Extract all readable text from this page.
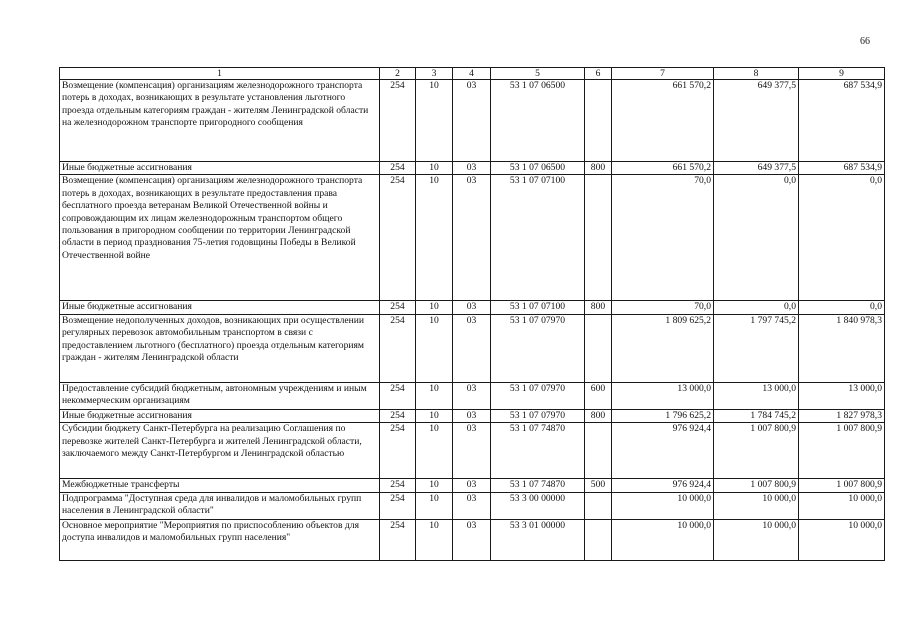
66
1	2	3	4	5	6	7	8	9
Возмещение (компенсация) организациям железнодорожного транспорта потерь в доходах, возникающих в результате установления льготного проезда отдельным категориям граждан - жителям Ленинградской области на железнодорожном транспорте пригородного сообщения	254	10	03	53 1 07 06500		661 570,2	649 377,5	687 534,9
Иные бюджетные ассигнования	254	10	03	53 1 07 06500	800	661 570,2	649 377,5	687 534,9
Возмещение (компенсация) организациям железнодорожного транспорта потерь в доходах, возникающих в результате предоставления права бесплатного проезда ветеранам Великой Отечественной войны и сопровождающим их лицам железнодорожным транспортом общего пользования в пригородном сообщении по территории Ленинградской области в период празднования 75-летия годовщины Победы в Великой Отечественной войне	254	10	03	53 1 07 07100		70,0	0,0	0,0
Иные бюджетные ассигнования	254	10	03	53 1 07 07100	800	70,0	0,0	0,0
Возмещение недополученных доходов, возникающих при осуществлении регулярных перевозок автомобильным транспортом в связи с предоставлением льготного (бесплатного) проезда отдельным категориям граждан - жителям Ленинградской области	254	10	03	53 1 07 07970		1 809 625,2	1 797 745,2	1 840 978,3
Предоставление субсидий бюджетным, автономным учреждениям и иным некоммерческим организациям	254	10	03	53 1 07 07970	600	13 000,0	13 000,0	13 000,0
Иные бюджетные ассигнования	254	10	03	53 1 07 07970	800	1 796 625,2	1 784 745,2	1 827 978,3
Субсидии бюджету Санкт-Петербурга на реализацию Соглашения по перевозке жителей Санкт-Петербурга и жителей Ленинградской области, заключаемого между Санкт-Петербургом и Ленинградской областью	254	10	03	53 1 07 74870		976 924,4	1 007 800,9	1 007 800,9
Межбюджетные трансферты	254	10	03	53 1 07 74870	500	976 924,4	1 007 800,9	1 007 800,9
Подпрограмма "Доступная среда для инвалидов и маломобильных групп населения в Ленинградской области"	254	10	03	53 3 00 00000		10 000,0	10 000,0	10 000,0
Основное мероприятие "Мероприятия по приспособлению объектов для доступа инвалидов и маломобильных групп населения"	254	10	03	53 3 01 00000		10 000,0	10 000,0	10 000,0
